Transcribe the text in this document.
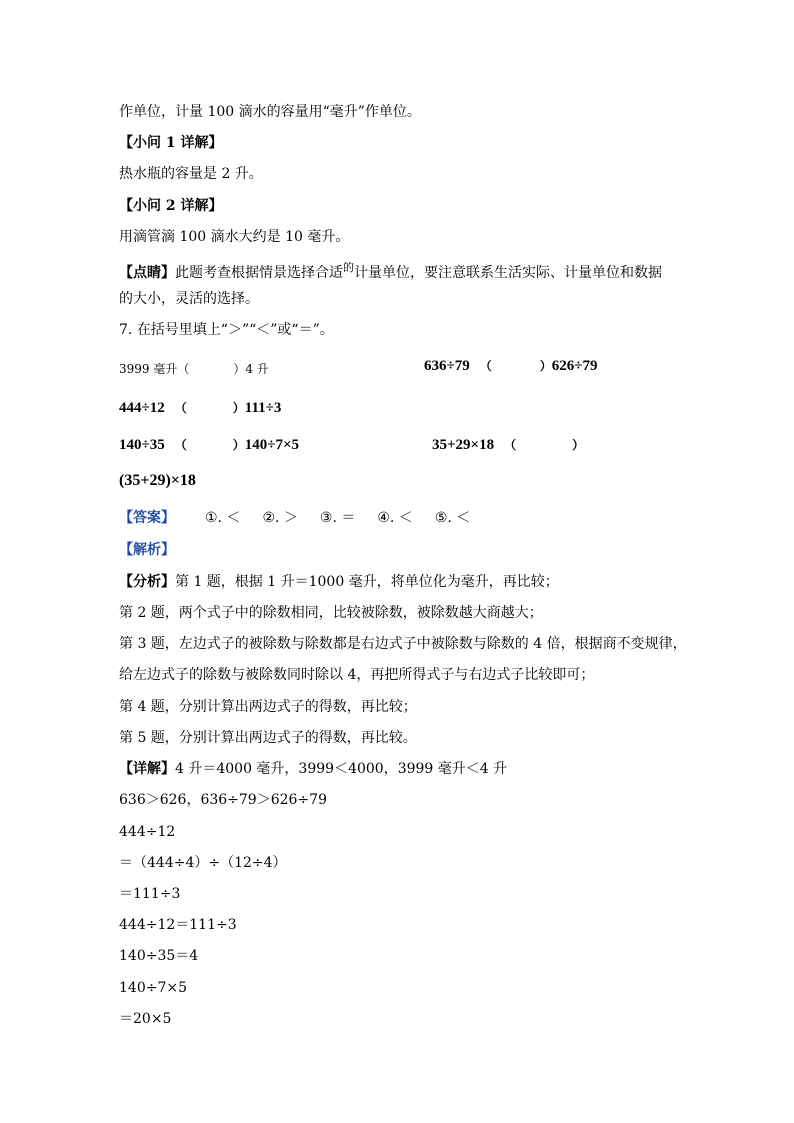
作单位，计量 100 滴水的容量用“毫升”作单位。
【小问 1 详解】
热水瓶的容量是 2 升。
【小问 2 详解】
用滴管滴 100 滴水大约是 10 毫升。
【点睛】此题考查根据情景选择合适$^的$计量单位，要注意联系生活实际、计量单位和数据
的大小，灵活的选择。
7. 在括号里填上“＞”“＜”或“＝”。
3999 毫升（	）4 升	636÷79 （	）626÷79
444÷12 （	）111÷3
140÷35 （	）140÷7×5	35+29×18 （	）
(35+29)×18
【答案】 ①. ＜ ②. ＞ ③. ＝ ④. ＜ ⑤. ＜
【解析】
【分析】第 1 题，根据 1 升＝1000 毫升，将单位化为毫升，再比较；
第 2 题，两个式子中的除数相同，比较被除数，被除数越大商越大；
第 3 题，左边式子的被除数与除数都是右边式子中被除数与除数的 4 倍，根据商不变规律，
给左边式子的除数与被除数同时除以 4，再把所得式子与右边式子比较即可；
第 4 题，分别计算出两边式子的得数，再比较；
第 5 题，分别计算出两边式子的得数，再比较。
【详解】4 升＝4000 毫升，3999＜4000，3999 毫升＜4 升
636＞626，636÷79＞626÷79
444÷12
＝（444÷4）÷（12÷4）
＝111÷3
444÷12＝111÷3
140÷35＝4
140÷7×5
＝20×5
